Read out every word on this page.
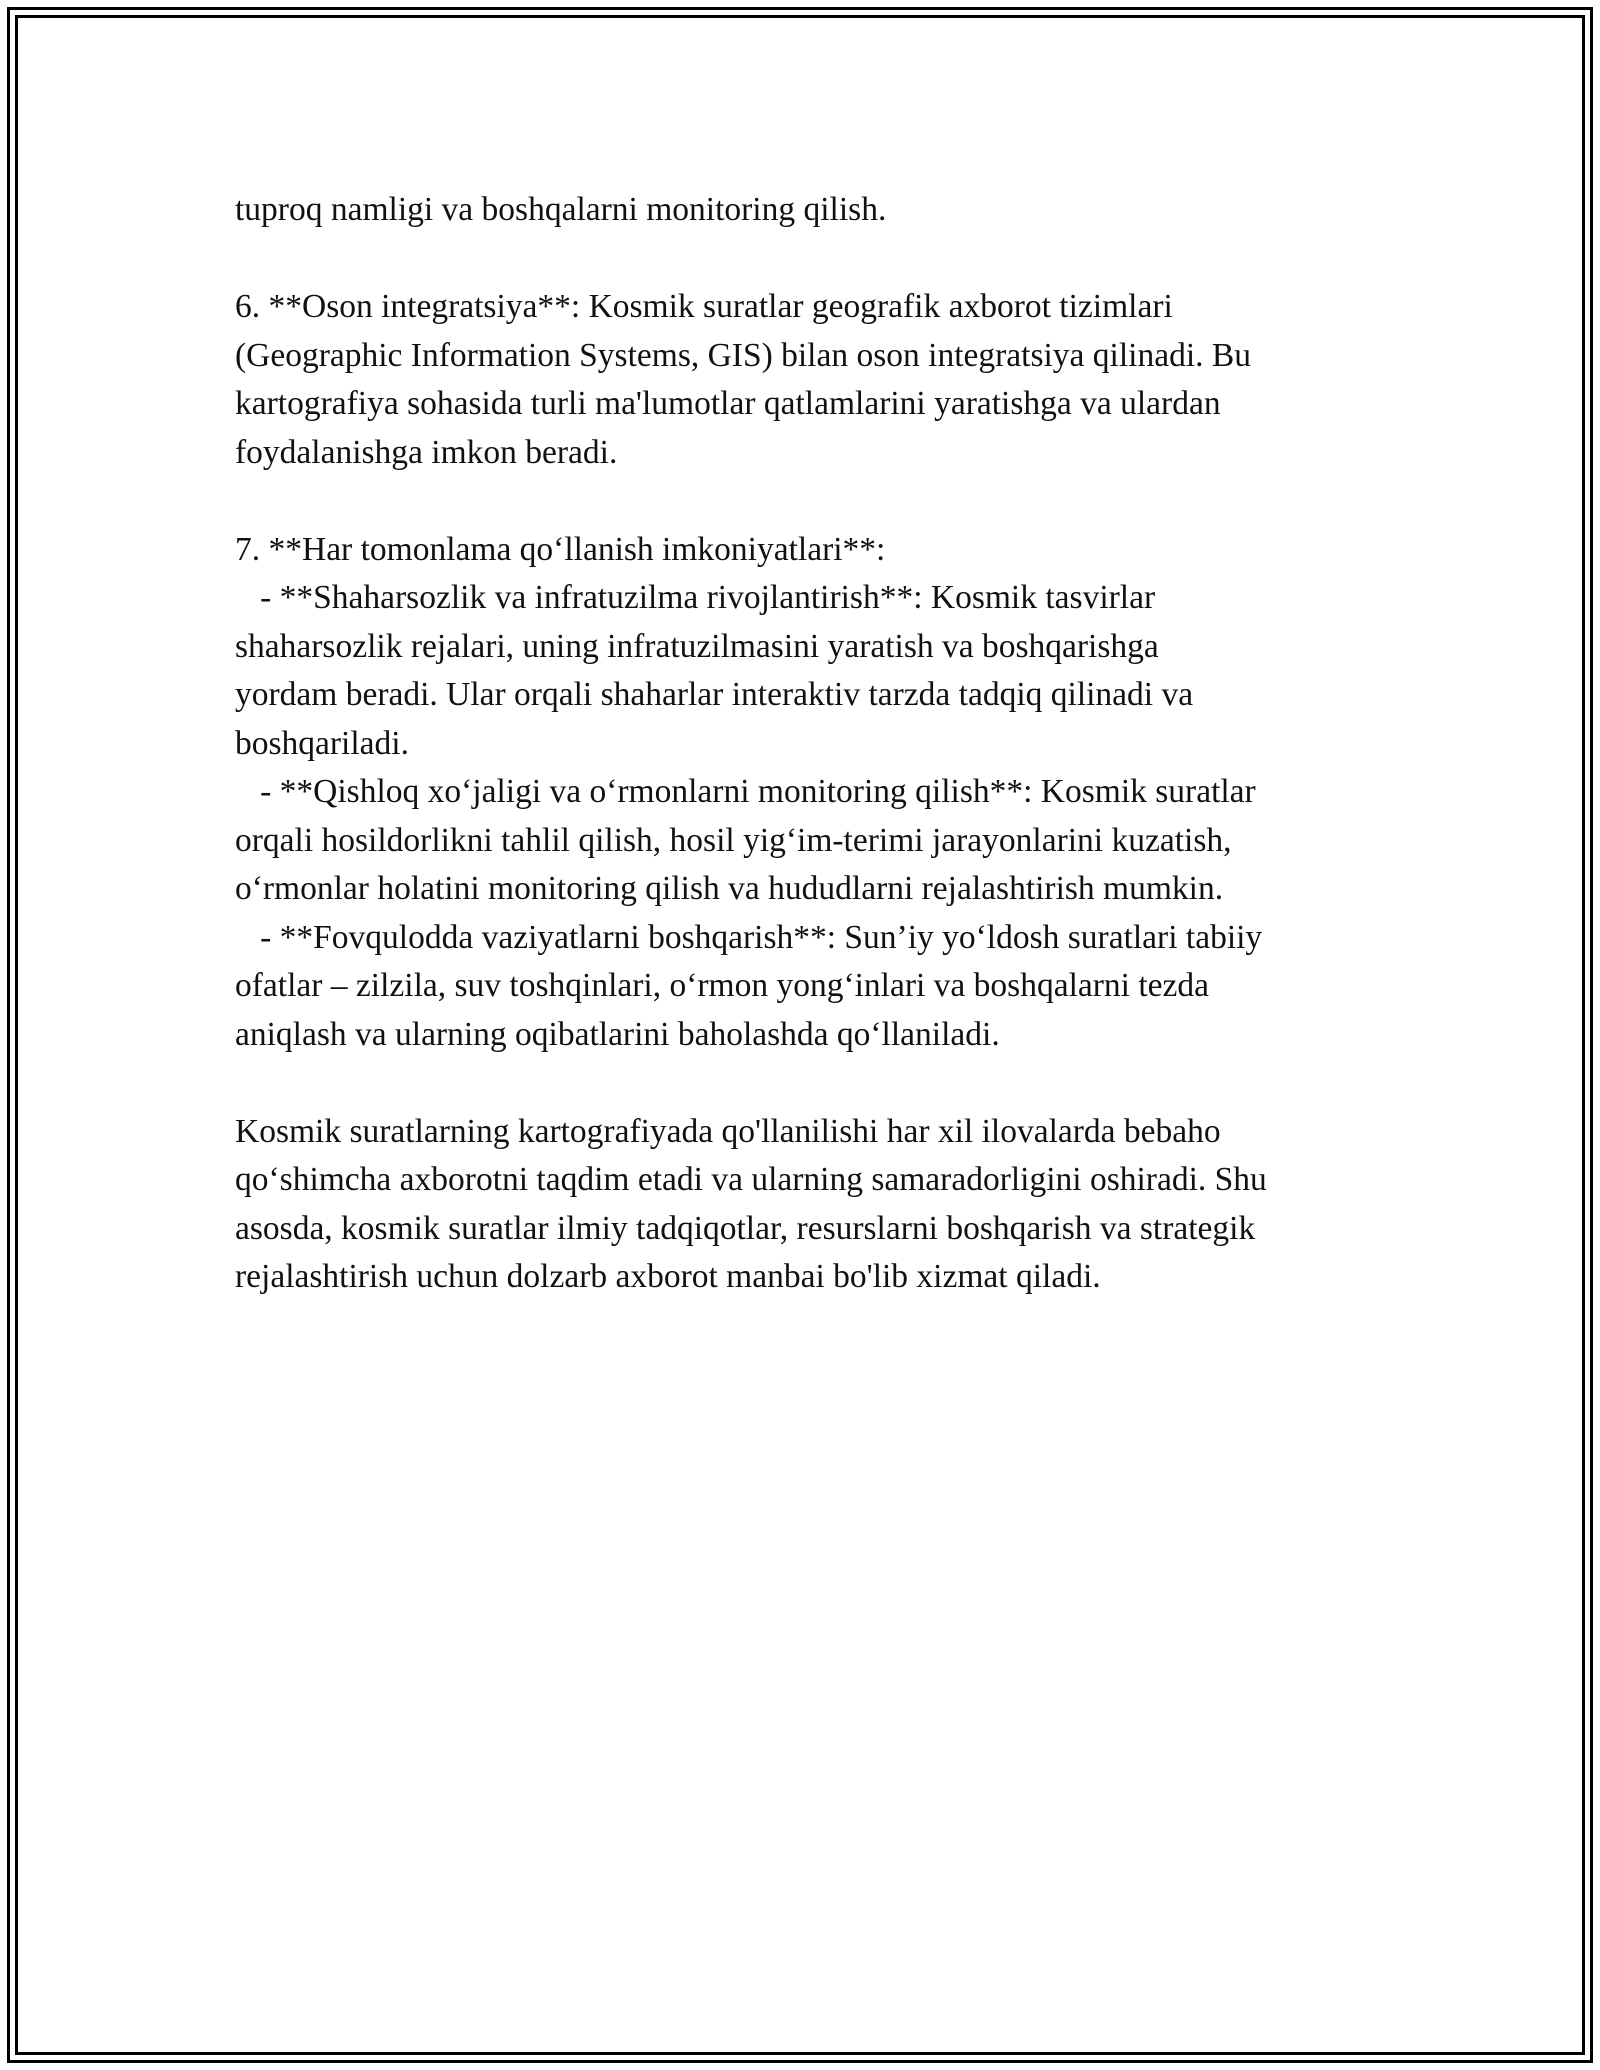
tuproq namligi va boshqalarni monitoring qilish.
6. **Oson integratsiya**: Kosmik suratlar geografik axborot tizimlari
(Geographic Information Systems, GIS) bilan oson integratsiya qilinadi. Bu
kartografiya sohasida turli ma'lumotlar qatlamlarini yaratishga va ulardan
foydalanishga imkon beradi.
7. **Har tomonlama qo‘llanish imkoniyatlari**:
- **Shaharsozlik va infratuzilma rivojlantirish**: Kosmik tasvirlar
shaharsozlik rejalari, uning infratuzilmasini yaratish va boshqarishga
yordam beradi. Ular orqali shaharlar interaktiv tarzda tadqiq qilinadi va
boshqariladi.
- **Qishloq xo‘jaligi va o‘rmonlarni monitoring qilish**: Kosmik suratlar
orqali hosildorlikni tahlil qilish, hosil yig‘im-terimi jarayonlarini kuzatish,
o‘rmonlar holatini monitoring qilish va hududlarni rejalashtirish mumkin.
- **Fovqulodda vaziyatlarni boshqarish**: Sun’iy yo‘ldosh suratlari tabiiy
ofatlar – zilzila, suv toshqinlari, o‘rmon yong‘inlari va boshqalarni tezda
aniqlash va ularning oqibatlarini baholashda qo‘llaniladi.
Kosmik suratlarning kartografiyada qo'llanilishi har xil ilovalarda bebaho
qo‘shimcha axborotni taqdim etadi va ularning samaradorligini oshiradi. Shu
asosda, kosmik suratlar ilmiy tadqiqotlar, resurslarni boshqarish va strategik
rejalashtirish uchun dolzarb axborot manbai bo'lib xizmat qiladi.
